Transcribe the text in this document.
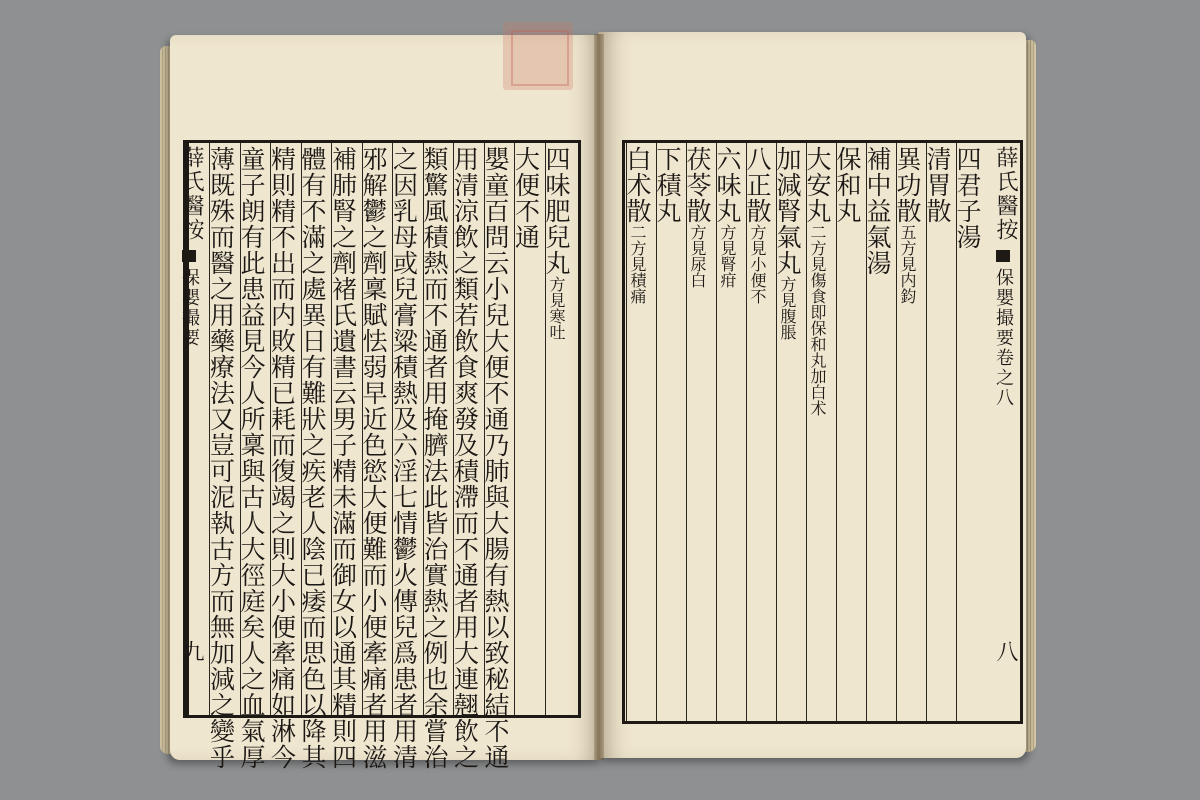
四味肥兒丸方見寒吐
大便不通
嬰童百問云小兒大便不通乃肺與大腸有熱以致秘結不通
用清涼飲之類若飲食爽發及積滯而不通者用大連翹飲之
類驚風積熱而不通者用掩臍法此皆治實熱之例也余嘗治
之因乳母或兒膏粱積熱及六淫七情鬱火傳兒爲患者用清
邪解鬱之劑稟賦怯弱早近色慾大便難而小便牽痛者用滋
補肺腎之劑褚氏遺書云男子精未滿而御女以通其精則四
體有不滿之處異日有難狀之疾老人陰已痿而思色以降其
精則精不出而内敗精已耗而復竭之則大小便牽痛如淋今
童子朗有此患益見今人所稟與古人大徑庭矣人之血氣厚
薄既殊而醫之用藥療法又豈可泥執古方而無加減之變乎
薛氏醫按
保嬰撮要
九
四君子湯
清胃散
異功散五方見内鈞
補中益氣湯
保和丸
大安丸二方見傷食即保和丸加白术
加減腎氣丸方見腹脹
八正散方見小便不
六味丸方見腎疳
茯苓散方見尿白
下積丸
白术散二方見積痛
薛氏醫按
保嬰撮要卷之八
八
